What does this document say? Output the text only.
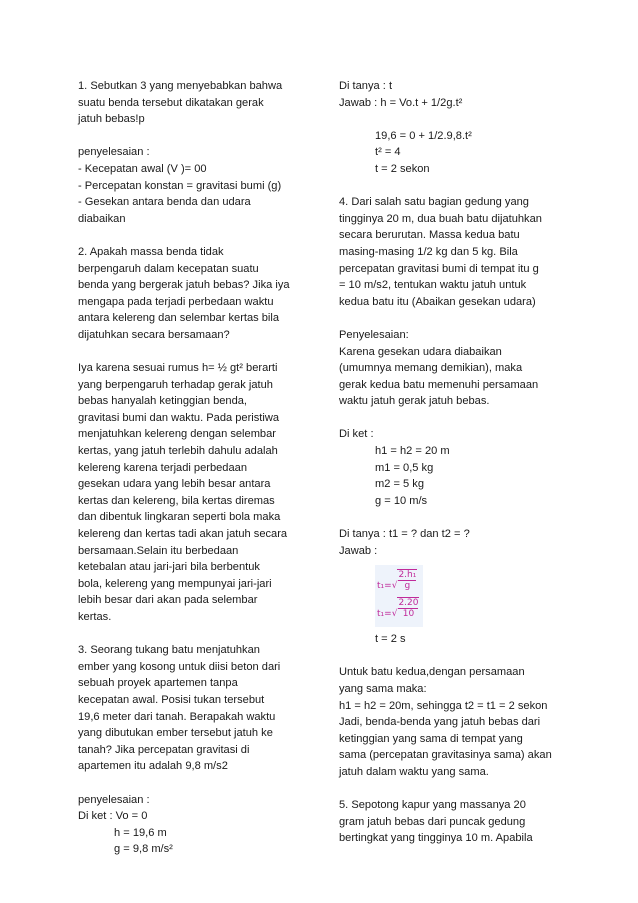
1. Sebutkan 3 yang menyebabkan bahwa
suatu benda tersebut dikatakan gerak
jatuh bebas!p
penyelesaian :
- Kecepatan awal (V )= 00
- Percepatan konstan = gravitasi bumi (g)
- Gesekan antara benda dan udara
diabaikan
2. Apakah massa benda tidak
berpengaruh dalam kecepatan suatu
benda yang bergerak jatuh bebas? Jika iya
mengapa pada terjadi perbedaan waktu
antara kelereng dan selembar kertas bila
dijatuhkan secara bersamaan?
Iya karena sesuai rumus h= ½ gt² berarti
yang berpengaruh terhadap gerak jatuh
bebas hanyalah ketinggian benda,
gravitasi bumi dan waktu. Pada peristiwa
menjatuhkan kelereng dengan selembar
kertas, yang jatuh terlebih dahulu adalah
kelereng karena terjadi perbedaan
gesekan udara yang lebih besar antara
kertas dan kelereng, bila kertas diremas
dan dibentuk lingkaran seperti bola maka
kelereng dan kertas tadi akan jatuh secara
bersamaan.Selain itu berbedaan
ketebalan atau jari-jari bila berbentuk
bola, kelereng yang mempunyai jari-jari
lebih besar dari akan pada selembar
kertas.
3. Seorang tukang batu menjatuhkan
ember yang kosong untuk diisi beton dari
sebuah proyek apartemen tanpa
kecepatan awal. Posisi tukan tersebut
19,6 meter dari tanah. Berapakah waktu
yang dibutukan ember tersebut jatuh ke
tanah? Jika percepatan gravitasi di
apartemen itu adalah 9,8 m/s2
penyelesaian :
Di ket : Vo = 0
h = 19,6 m
g = 9,8 m/s²
Di tanya : t
Jawab : h = Vo.t + 1/2g.t²
19,6 = 0 + 1/2.9,8.t²
t² = 4
t = 2 sekon
4. Dari salah satu bagian gedung yang
tingginya 20 m, dua buah batu dijatuhkan
secara berurutan. Massa kedua batu
masing-masing 1/2 kg dan 5 kg. Bila
percepatan gravitasi bumi di tempat itu g
= 10 m/s2, tentukan waktu jatuh untuk
kedua batu itu (Abaikan gesekan udara)
Penyelesaian:
Karena gesekan udara diabaikan
(umumnya memang demikian), maka
gerak kedua batu memenuhi persamaan
waktu jatuh gerak jatuh bebas.
Di ket :
h1 = h2 = 20 m
m1 = 0,5 kg
m2 = 5 kg
g = 10 m/s
Di tanya : t1 = ? dan t2 = ?
Jawab :
$t_1=√ \frac{\text{2.h₁}}{g}$
$t_1=√ \frac{2.20}{10}$
t = 2 s
Untuk batu kedua,dengan persamaan
yang sama maka:
h1 = h2 = 20m, sehingga t2 = t1 = 2 sekon
Jadi, benda-benda yang jatuh bebas dari
ketinggian yang sama di tempat yang
sama (percepatan gravitasinya sama) akan
jatuh dalam waktu yang sama.
5. Sepotong kapur yang massanya 20
gram jatuh bebas dari puncak gedung
bertingkat yang tingginya 10 m. Apabila
